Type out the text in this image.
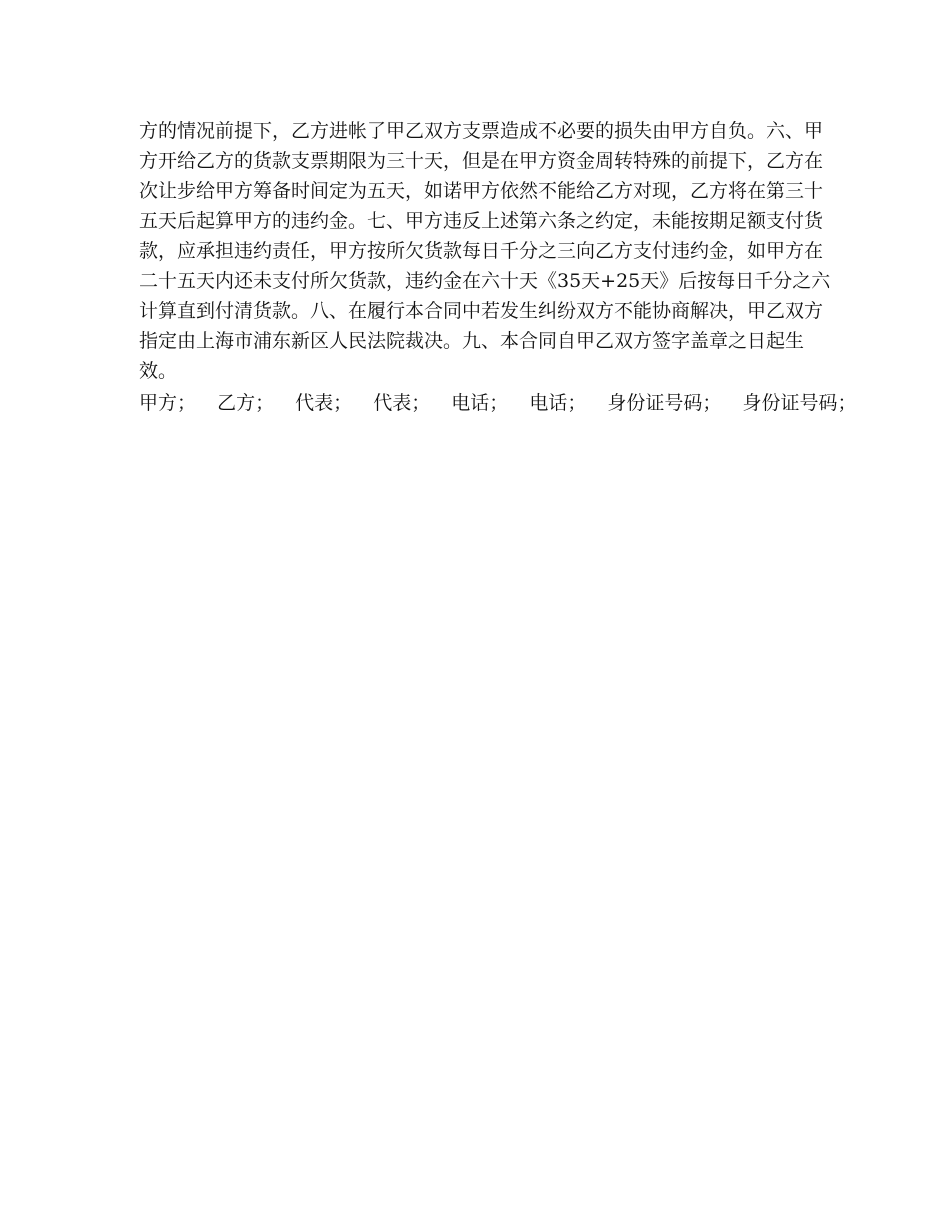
方的情况前提下，乙方进帐了甲乙双方支票造成不必要的损失由甲方自负。六、甲
方开给乙方的货款支票期限为三十天，但是在甲方资金周转特殊的前提下，乙方在
次让步给甲方筹备时间定为五天，如诺甲方依然不能给乙方对现，乙方将在第三十
五天后起算甲方的违约金。七、甲方违反上述第六条之约定，未能按期足额支付货
款，应承担违约责任，甲方按所欠货款每日千分之三向乙方支付违约金，如甲方在
二十五天内还未支付所欠货款，违约金在六十天《35天+25天》后按每日千分之六
计算直到付清货款。八、在履行本合同中若发生纠纷双方不能协商解决，甲乙双方
指定由上海市浦东新区人民法院裁决。九、本合同自甲乙双方签字盖章之日起生
效。
甲方； 乙方； 代表； 代表； 电话； 电话； 身份证号码； 身份证号码；
